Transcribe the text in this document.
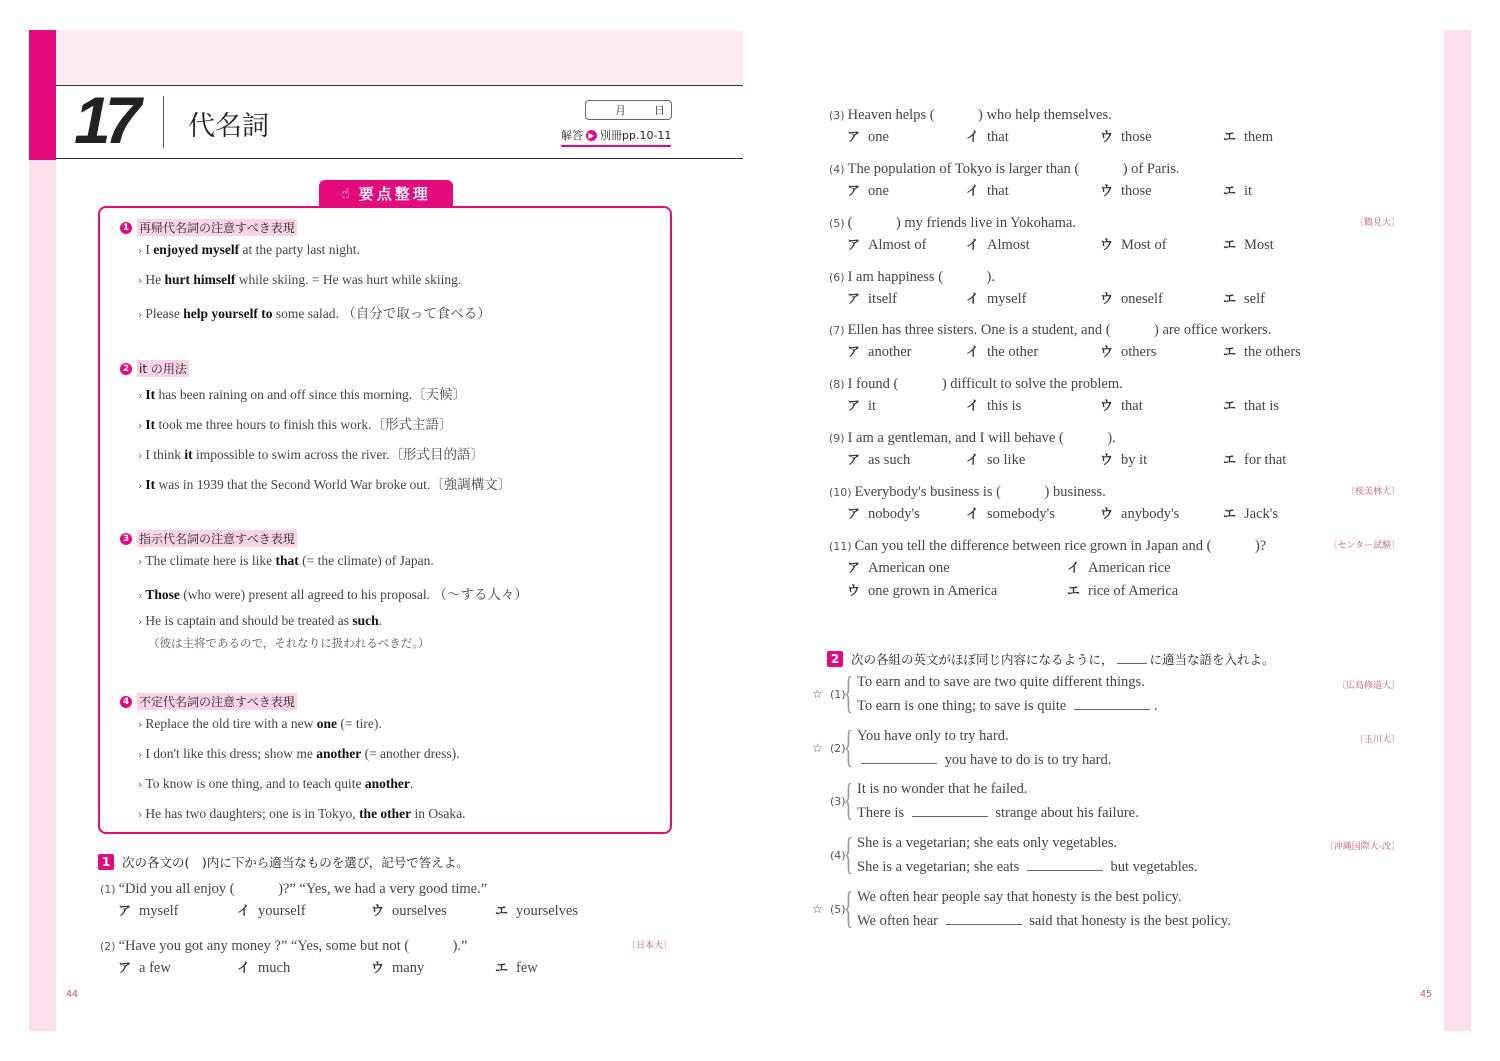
17 代名詞
月	日
解答 ▶ 別冊pp.10-11
☝ 要点整理
1 再帰代名詞の注意すべき表現
› I enjoyed myself at the party last night.
› He hurt himself while skiing. = He was hurt while skiing.
› Please help yourself to some salad. （自分で取って食べる）
2 it の用法
› It has been raining on and off since this morning.〔天候〕
› It took me three hours to finish this work.〔形式主語〕
› I think it impossible to swim across the river.〔形式目的語〕
› It was in 1939 that the Second World War broke out.〔強調構文〕
3 指示代名詞の注意すべき表現
› The climate here is like that (= the climate) of Japan.
› Those (who were) present all agreed to his proposal. （～する人々）
› He is captain and should be treated as such.
（彼は主将であるので，それなりに扱われるべきだ。）
4 不定代名詞の注意すべき表現
› Replace the old tire with a new one (= tire).
› I don't like this dress; show me another (= another dress).
› To know is one thing, and to teach quite another.
› He has two daughters; one is in Tokyo, the other in Osaka.
1 次の各文の(　)内に下から適当なものを選び，記号で答えよ。
(1) “Did you all enjoy (　　　)?” “Yes, we had a very good time.”
ア myself	イ yourself	ウ ourselves	エ yourselves
(2) “Have you got any money ?” “Yes, some but not (　　　).”	〔日本大〕
ア a few	イ much	ウ many	エ few
(3) Heaven helps (　　　) who help themselves.
ア one	イ that	ウ those	エ them
(4) The population of Tokyo is larger than (　　　) of Paris.
ア one	イ that	ウ those	エ it
(5) (　　　) my friends live in Yokohama.	〔鶴見大〕
ア Almost of	イ Almost	ウ Most of	エ Most
(6) I am happiness (　　　).
ア itself	イ myself	ウ oneself	エ self
(7) Ellen has three sisters. One is a student, and (　　　) are office workers.
ア another	イ the other	ウ others	エ the others
(8) I found (　　　) difficult to solve the problem.
ア it	イ this is	ウ that	エ that is
(9) I am a gentleman, and I will behave (　　　).
ア as such	イ so like	ウ by it	エ for that
(10) Everybody's business is (　　　) business.	〔桜美林大〕
ア nobody's	イ somebody's	ウ anybody's	エ Jack's
(11) Can you tell the difference between rice grown in Japan and (　　　)?	〔センター試験〕
ア American one	イ American rice
ウ one grown in America	エ rice of America
2 次の各組の英文がほぼ同じ内容になるように，	に適当な語を入れよ。
☆ (1)
{ To earn and to save are two quite different things.
To earn is one thing; to save is quite	.
〔広島修道大〕
☆ (2)
{ You have only to try hard.
you have to do is to try hard.
〔玉川大〕
(3)
{ It is no wonder that he failed.
There is	strange about his failure.
(4)
{ She is a vegetarian; she eats only vegetables.
She is a vegetarian; she eats	but vegetables.
〔沖縄国際大-改〕
☆ (5)
{ We often hear people say that honesty is the best policy.
We often hear	said that honesty is the best policy.
44	45
